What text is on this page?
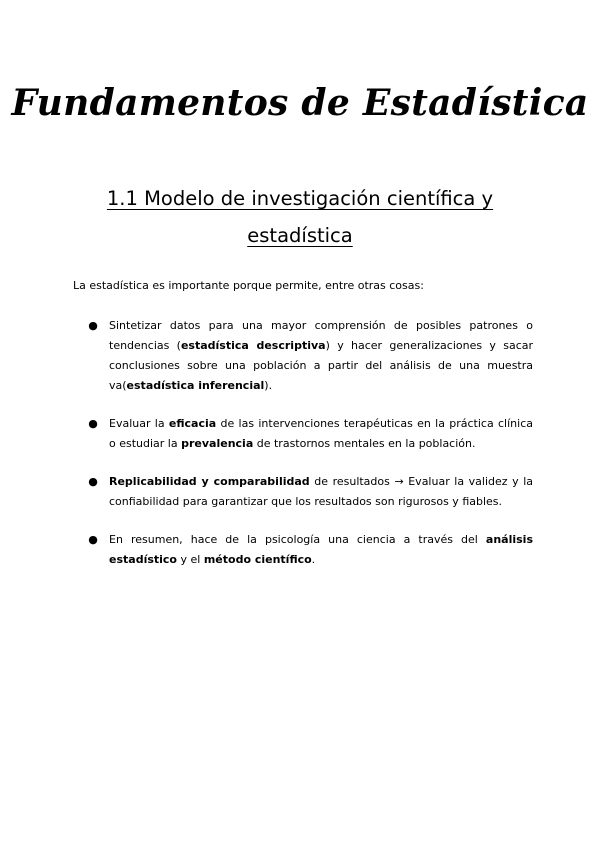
Fundamentos de Estadística
1.1 Modelo de investigación científica y
estadística

La estadística es importante porque permite, entre otras cosas:

● Sintetizar datos para una mayor comprensión de posibles patrones o tendencias (estadística descriptiva) y hacer generalizaciones y sacar conclusiones sobre una población a partir del análisis de una muestra va(estadística inferencial).
● Evaluar la eficacia de las intervenciones terapéuticas en la práctica clínica o estudiar la prevalencia de trastornos mentales en la población.
● Replicabilidad y comparabilidad de resultados → Evaluar la validez y la confiabilidad para garantizar que los resultados son rigurosos y fiables.
● En resumen, hace de la psicología una ciencia a través del análisis estadístico y el método científico.
